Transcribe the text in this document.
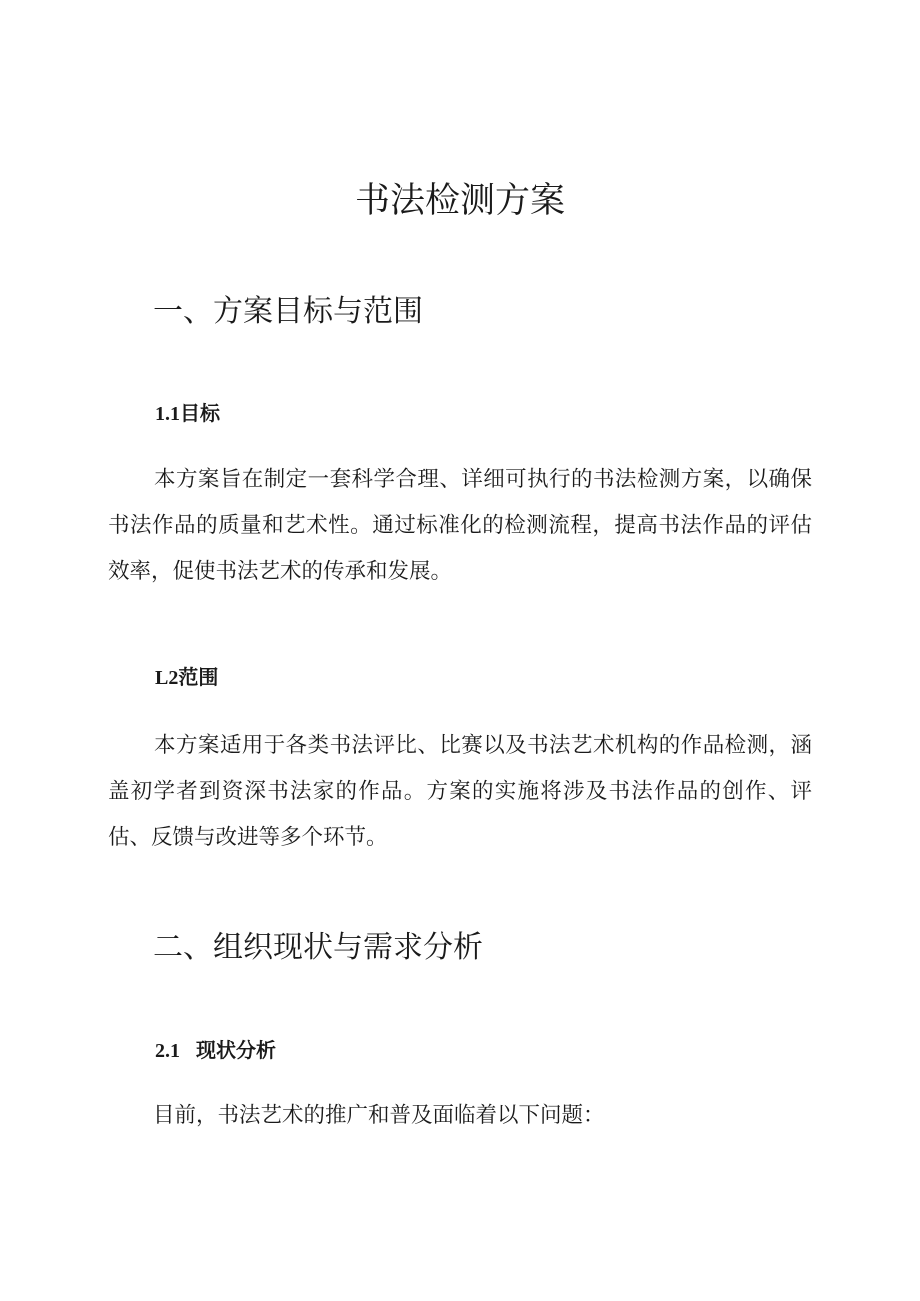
书法检测方案
一、方案目标与范围
1.1目标

本方案旨在制定一套科学合理、详细可执行的书法检测方案，以确保书法作品的质量和艺术性。通过标准化的检测流程，提高书法作品的评估效率，促使书法艺术的传承和发展。

L2范围

本方案适用于各类书法评比、比赛以及书法艺术机构的作品检测，涵盖初学者到资深书法家的作品。方案的实施将涉及书法作品的创作、评估、反馈与改进等多个环节。

二、组织现状与需求分析
2.1 现状分析

目前，书法艺术的推广和普及面临着以下问题：
